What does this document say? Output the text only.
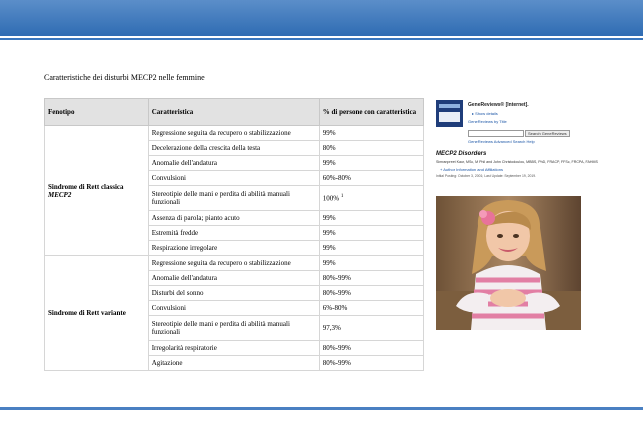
Caratteristiche dei disturbi MECP2 nelle femmine
Fenotipo	Caratteristica	% di persone con caratteristica
Sindrome di Rett classica
MECP2	Regressione seguita da recupero o stabilizzazione	99%
	Decelerazione della crescita della testa	80%
	Anomalie dell'andatura	99%
	Convulsioni	60%-80%
	Stereotipie delle mani e perdita di abilità manuali funzionali	100% $^1$
	Assenza di parola; pianto acuto	99%
	Estremità fredde	99%
	Respirazione irregolare	99%
Sindrome di Rett variante	Regressione seguita da recupero o stabilizzazione	99%
	Anomalie dell'andatura	80%-99%
	Disturbi del sonno	80%-99%
	Convulsioni	6%-80%
	Stereotipie delle mani e perdita di abilità manuali funzionali	97,3%
	Irregolarità respiratorie	80%-99%
	Agitazione	80%-99%
GeneReviews® [Internet].
▸ Show details
GeneReviews by Title
Search GeneReviews
GeneReviews Advanced Search Help
MECP2 Disorders
Simranpreet Kaur, MSc, M Phil and John Christodoulou, MBBS, PhD, FRACP, FFSc, FRCPA, FAHMS
+ Author Information and Affiliations
Initial Posting: October 3, 2001; Last Update: September 19, 2019.
